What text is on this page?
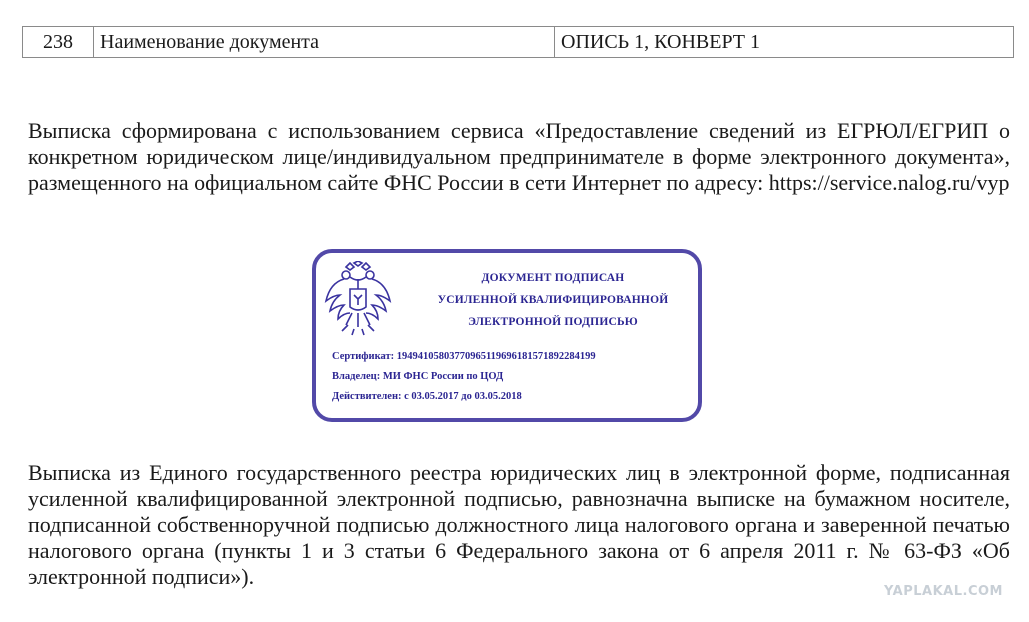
238	Наименование документа	ОПИСЬ 1, КОНВЕРТ 1

Выписка сформирована с использованием сервиса «Предоставление сведений из ЕГРЮЛ/ЕГРИП о конкретном юридическом лице/индивидуальном предпринимателе в форме электронного документа», размещенного на официальном сайте ФНС России в сети Интернет по адресу: https://service.nalog.ru/vyp

ДОКУМЕНТ ПОДПИСАН
УСИЛЕННОЙ КВАЛИФИЦИРОВАННОЙ
ЭЛЕКТРОННОЙ ПОДПИСЬЮ
Сертификат: 194941058037709651196961815718922841​99
Владелец: МИ ФНС России по ЦОД
Действителен: с 03.05.2017 до 03.05.2018

Выписка из Единого государственного реестра юридических лиц в электронной форме, подписанная усиленной квалифицированной электронной подписью, равнозначна выписке на бумажном носителе, подписанной собственноручной подписью должностного лица налогового органа и заверенной печатью налогового органа (пункты 1 и 3 статьи 6 Федерального закона от 6 апреля 2011 г. № 63-ФЗ «Об электронной подписи»).

YAPLAKAL.COM
